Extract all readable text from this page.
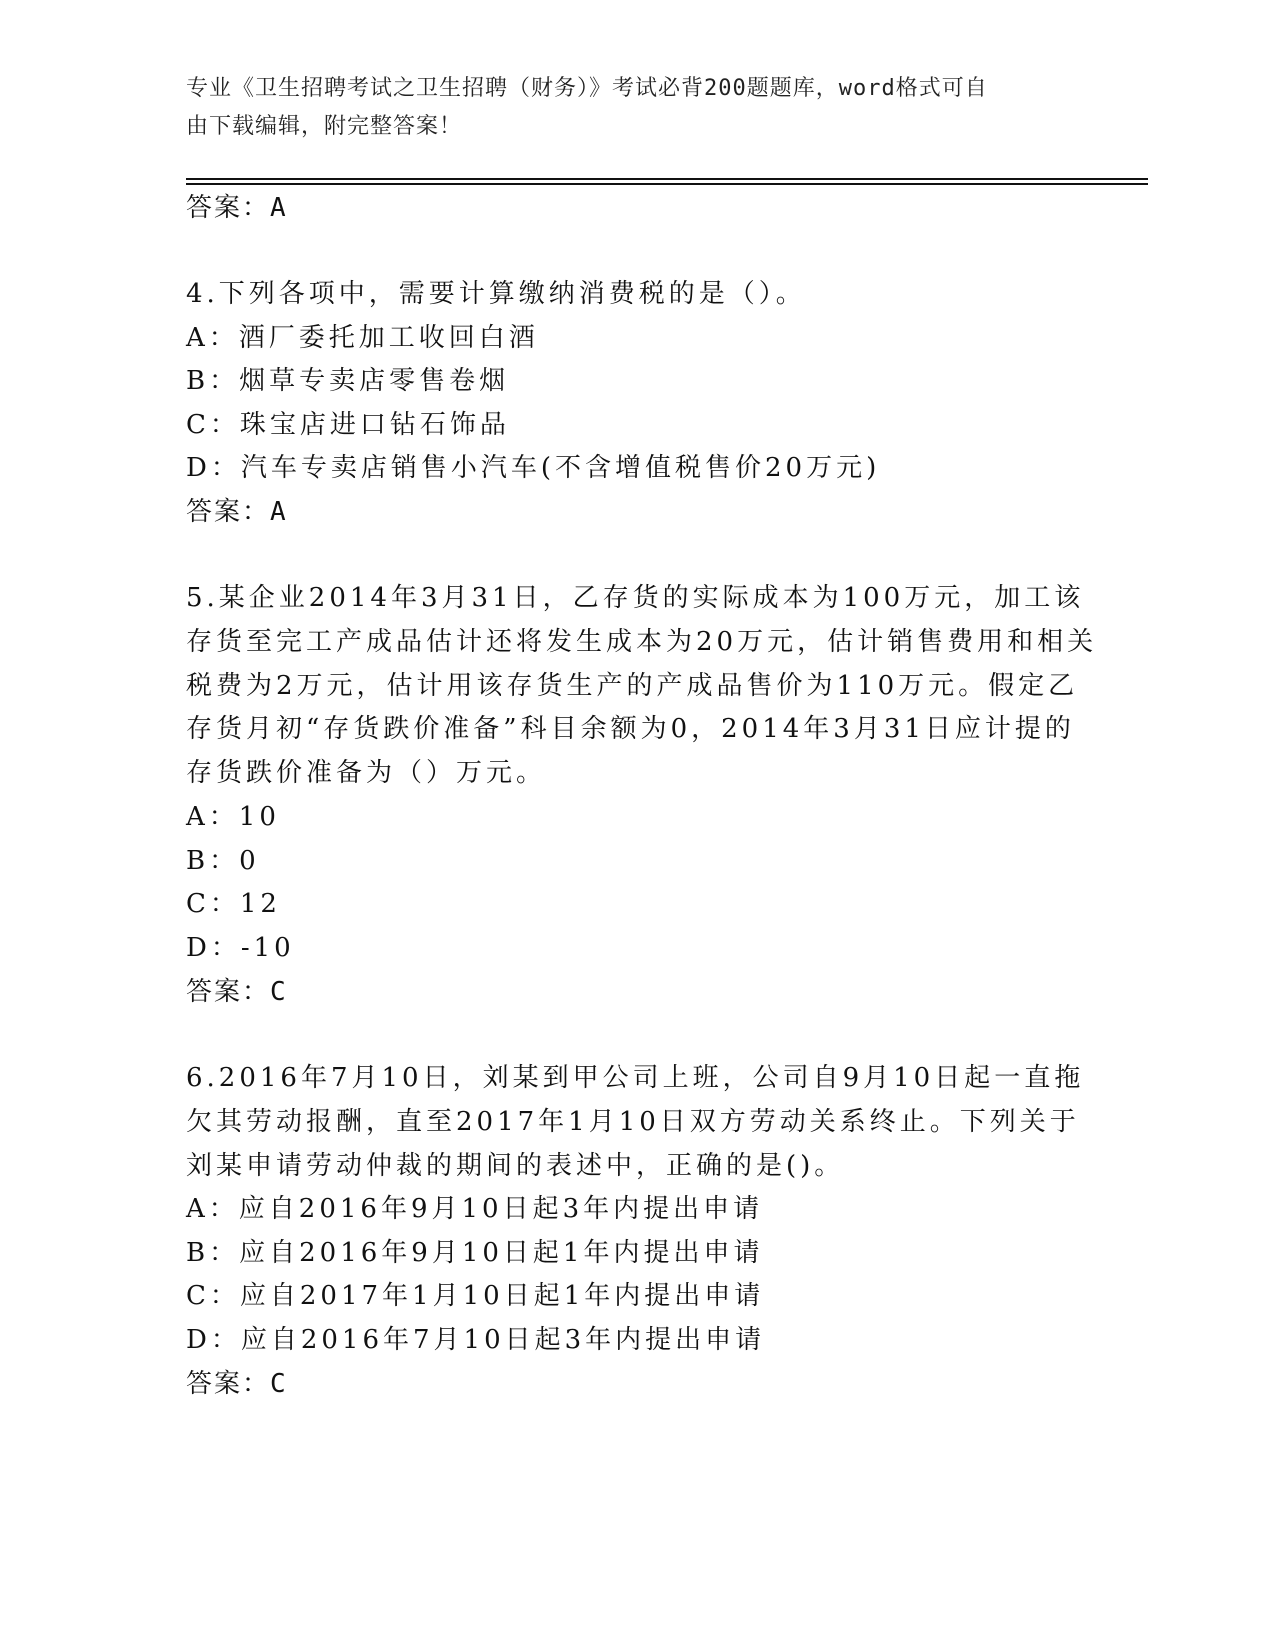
专业《卫生招聘考试之卫生招聘（财务）》考试必背200题题库，word格式可自
由下载编辑，附完整答案！
答案：A
4.下列各项中，需要计算缴纳消费税的是（）。
A：酒厂委托加工收回白酒
B：烟草专卖店零售卷烟
C：珠宝店进口钻石饰品
D：汽车专卖店销售小汽车(不含增值税售价20万元)
答案：A
5.某企业2014年3月31日，乙存货的实际成本为100万元，加工该
存货至完工产成品估计还将发生成本为20万元，估计销售费用和相关
税费为2万元，估计用该存货生产的产成品售价为110万元。假定乙
存货月初“存货跌价准备”科目余额为0，2014年3月31日应计提的
存货跌价准备为（）万元。
A：10
B：0
C：12
D：-10
答案：C
6.2016年7月10日，刘某到甲公司上班，公司自9月10日起一直拖
欠其劳动报酬，直至2017年1月10日双方劳动关系终止。下列关于
刘某申请劳动仲裁的期间的表述中，正确的是()。
A：应自2016年9月10日起3年内提出申请
B：应自2016年9月10日起1年内提出申请
C：应自2017年1月10日起1年内提出申请
D：应自2016年7月10日起3年内提出申请
答案：C
